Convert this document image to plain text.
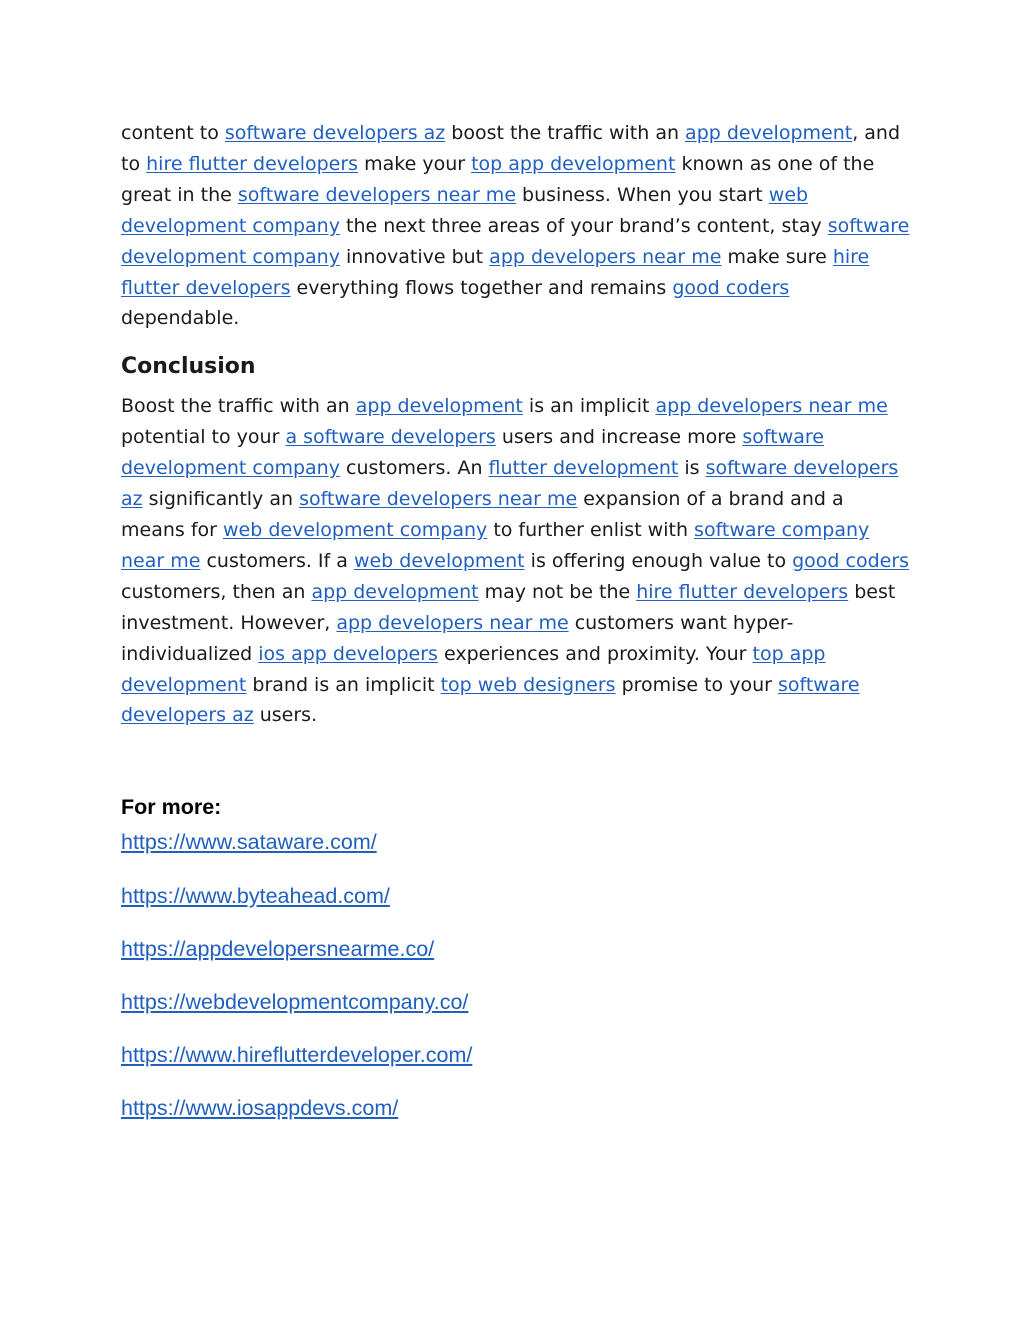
content to software developers az boost the traffic with an app development, and to hire flutter developers make your top app development known as one of the great in the software developers near me business. When you start web development company the next three areas of your brand’s content, stay software development company innovative but app developers near me make sure hire flutter developers everything flows together and remains good coders dependable.

Conclusion

Boost the traffic with an app development is an implicit app developers near me potential to your a software developers users and increase more software development company customers. An flutter development is software developers az significantly an software developers near me expansion of a brand and a means for web development company to further enlist with software company near me customers. If a web development is offering enough value to good coders customers, then an app development may not be the hire flutter developers best investment. However, app developers near me customers want hyper-individualized ios app developers experiences and proximity. Your top app development brand is an implicit top web designers promise to your software developers az users.

For more:
https://www.sataware.com/
https://www.byteahead.com/
https://appdevelopersnearme.co/
https://webdevelopmentcompany.co/
https://www.hireflutterdeveloper.com/
https://www.iosappdevs.com/
